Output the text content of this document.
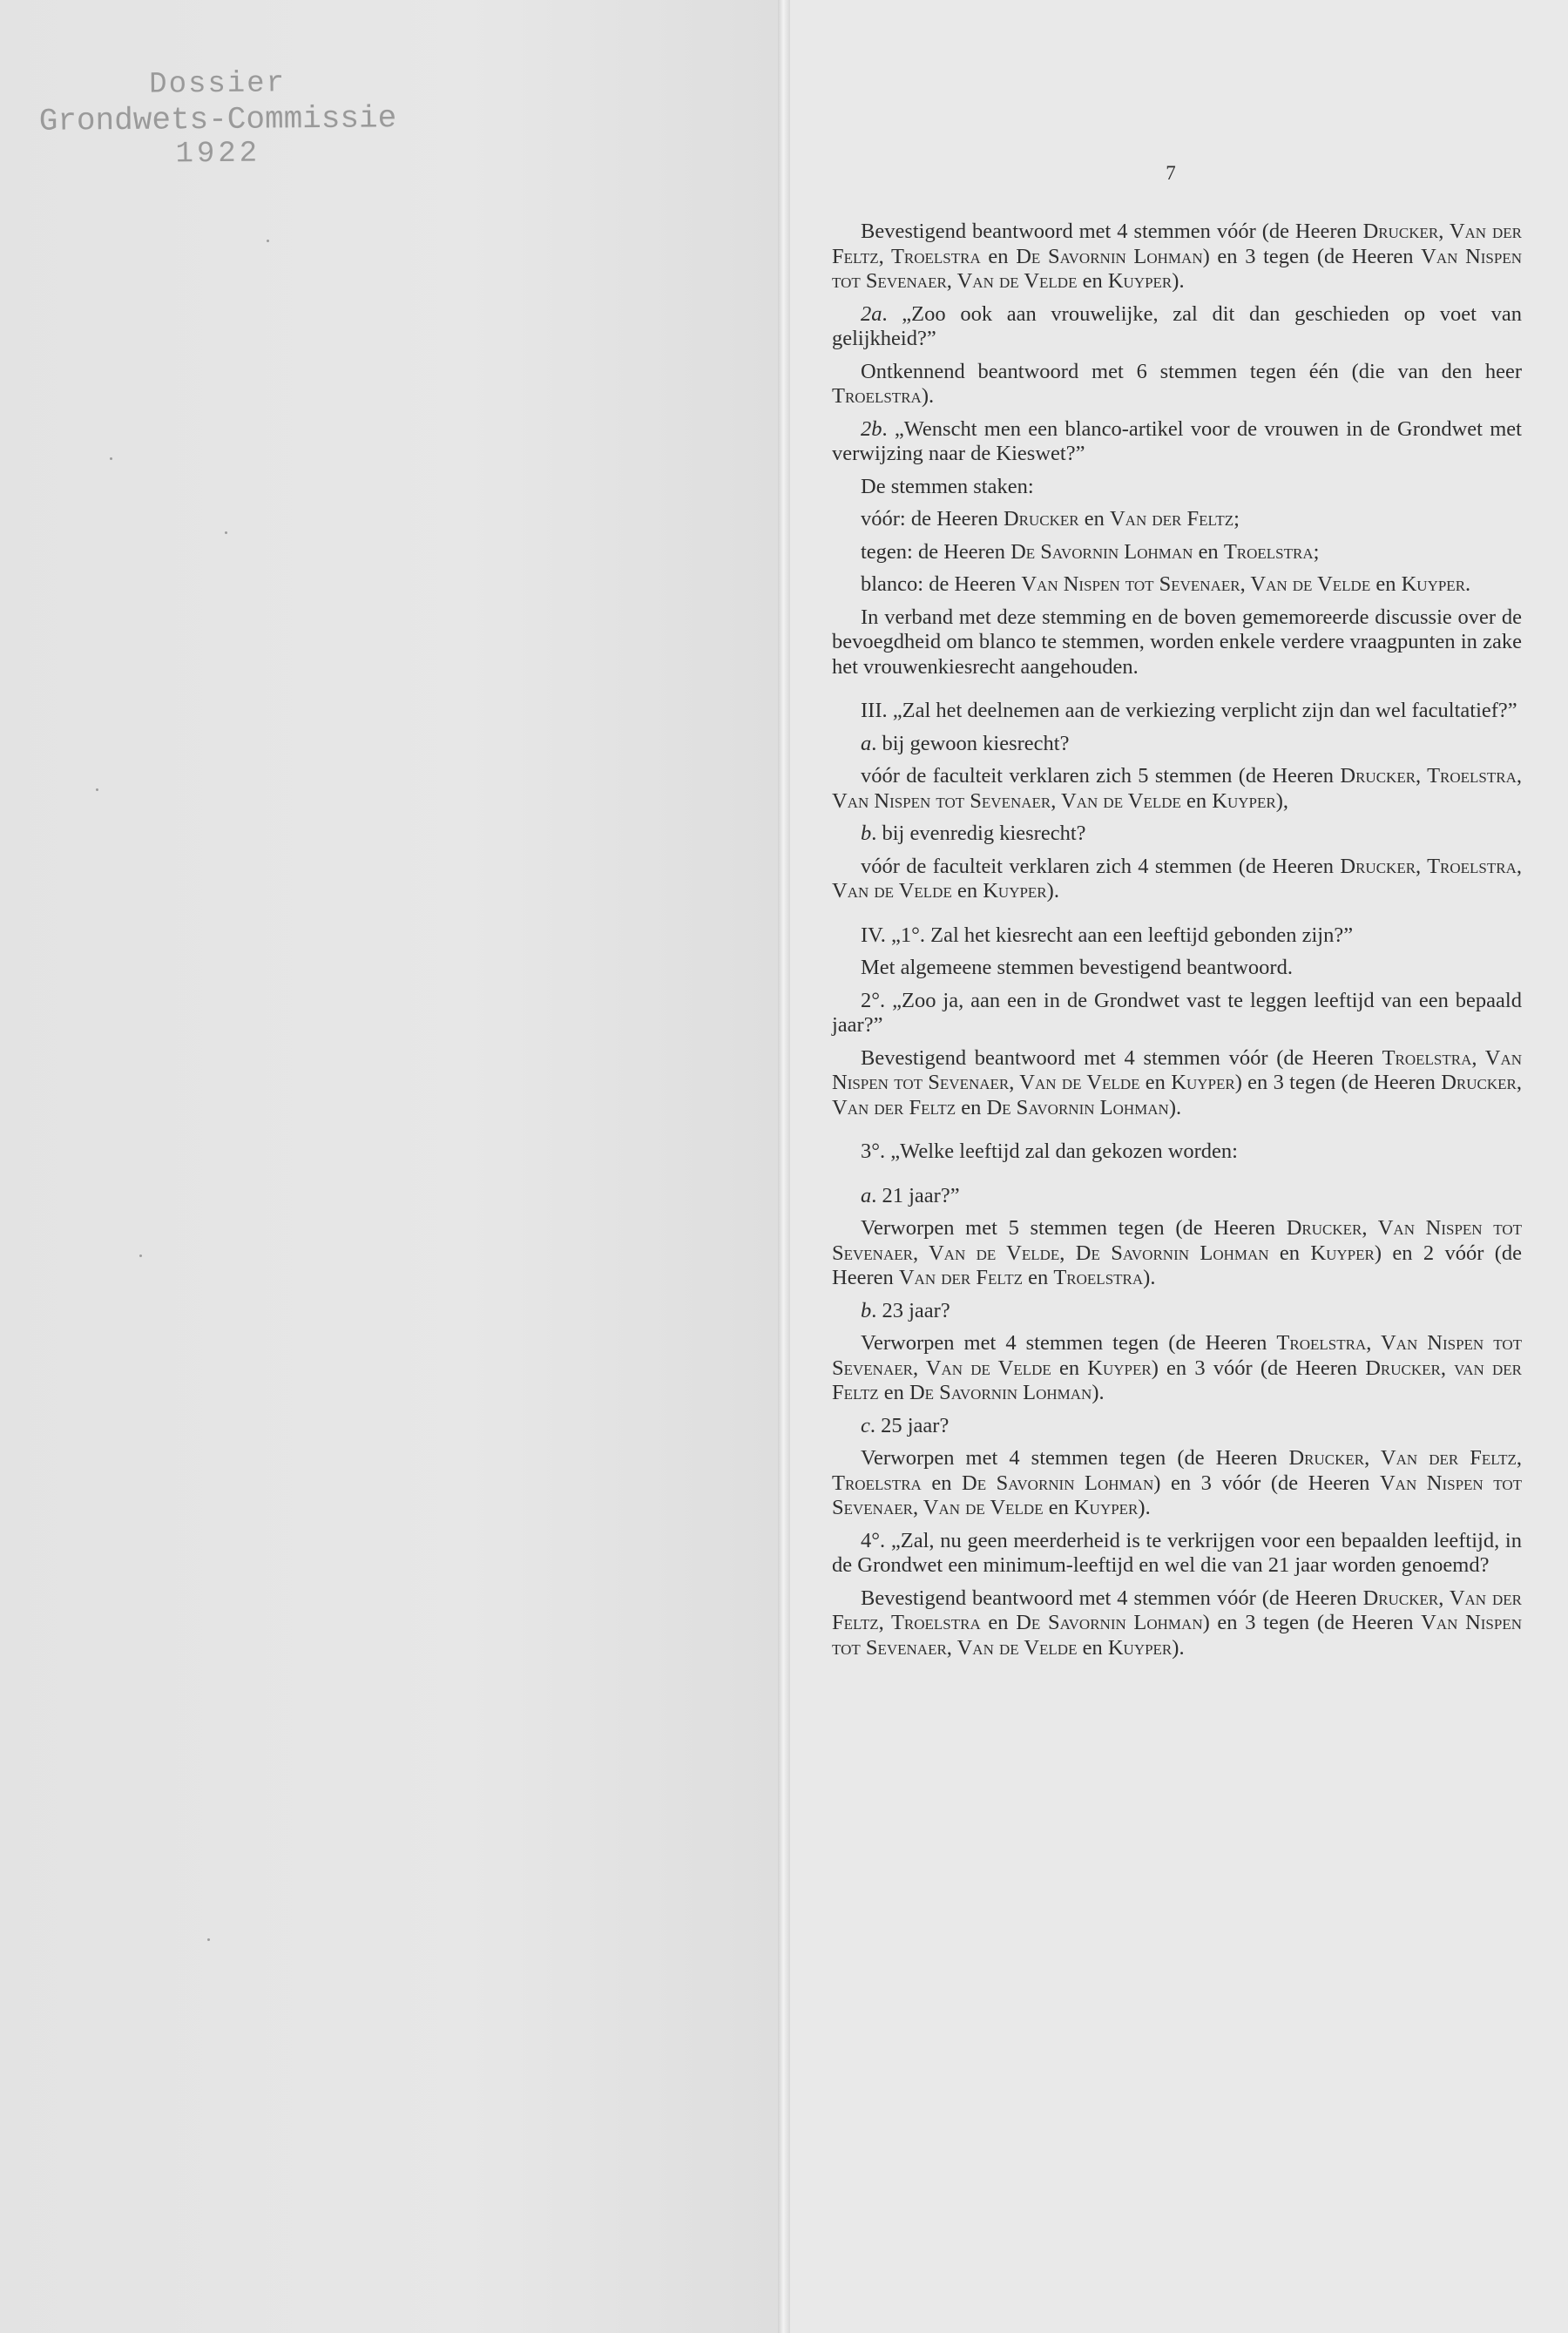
Dossier
Grondwets-Commissie
1922
7

Bevestigend beantwoord met 4 stemmen vóór (de Heeren Drucker, Van der Feltz, Troelstra en De Savornin Lohman) en 3 tegen (de Heeren Van Nispen tot Sevenaer, Van de Velde en Kuyper).

2a. „Zoo ook aan vrouwelijke, zal dit dan geschieden op voet van gelijkheid?”

Ontkennend beantwoord met 6 stemmen tegen één (die van den heer Troelstra).

2b. „Wenscht men een blanco-artikel voor de vrouwen in de Grondwet met verwijzing naar de Kieswet?”

De stemmen staken:

vóór: de Heeren Drucker en Van der Feltz;

tegen: de Heeren De Savornin Lohman en Troelstra;

blanco: de Heeren Van Nispen tot Sevenaer, Van de Velde en Kuyper.

In verband met deze stemming en de boven gememoreerde discussie over de bevoegdheid om blanco te stemmen, worden enkele verdere vraagpunten in zake het vrouwenkiesrecht aangehouden.

III. „Zal het deelnemen aan de verkiezing verplicht zijn dan wel facultatief?”

a. bij gewoon kiesrecht?

vóór de faculteit verklaren zich 5 stemmen (de Heeren Drucker, Troelstra, Van Nispen tot Sevenaer, Van de Velde en Kuyper),

b. bij evenredig kiesrecht?

vóór de faculteit verklaren zich 4 stemmen (de Heeren Drucker, Troelstra, Van de Velde en Kuyper).

IV. „1°. Zal het kiesrecht aan een leeftijd gebonden zijn?”

Met algemeene stemmen bevestigend beantwoord.

2°. „Zoo ja, aan een in de Grondwet vast te leggen leeftijd van een bepaald jaar?”

Bevestigend beantwoord met 4 stemmen vóór (de Heeren Troelstra, Van Nispen tot Sevenaer, Van de Velde en Kuyper) en 3 tegen (de Heeren Drucker, Van der Feltz en De Savornin Lohman).

3°. „Welke leeftijd zal dan gekozen worden:

a. 21 jaar?”

Verworpen met 5 stemmen tegen (de Heeren Drucker, Van Nispen tot Sevenaer, Van de Velde, De Savornin Lohman en Kuyper) en 2 vóór (de Heeren Van der Feltz en Troelstra).

b. 23 jaar?

Verworpen met 4 stemmen tegen (de Heeren Troelstra, Van Nispen tot Sevenaer, Van de Velde en Kuyper) en 3 vóór (de Heeren Drucker, van der Feltz en De Savornin Lohman).

c. 25 jaar?

Verworpen met 4 stemmen tegen (de Heeren Drucker, Van der Feltz, Troelstra en De Savornin Lohman) en 3 vóór (de Heeren Van Nispen tot Sevenaer, Van de Velde en Kuyper).

4°. „Zal, nu geen meerderheid is te verkrijgen voor een bepaalden leeftijd, in de Grondwet een minimum-leeftijd en wel die van 21 jaar worden genoemd?

Bevestigend beantwoord met 4 stemmen vóór (de Heeren Drucker, Van der Feltz, Troelstra en De Savornin Lohman) en 3 tegen (de Heeren Van Nispen tot Sevenaer, Van de Velde en Kuyper).
